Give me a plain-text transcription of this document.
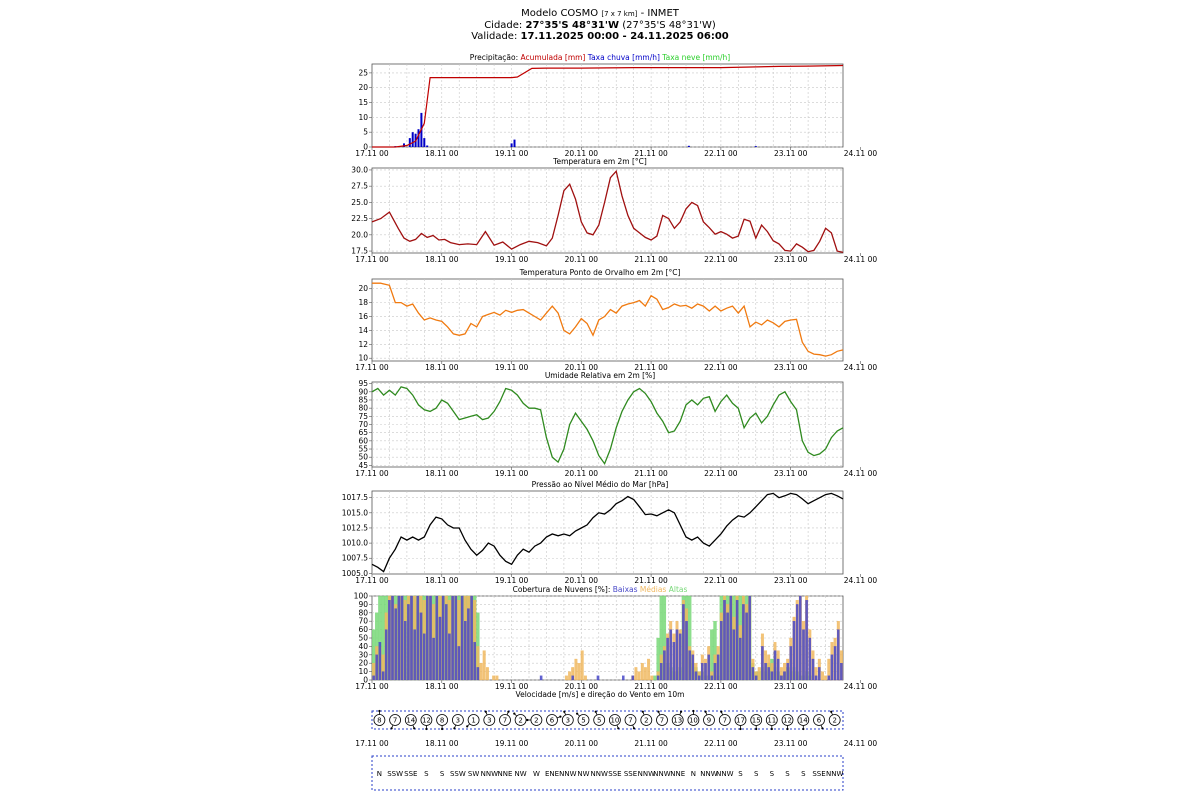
Modelo COSMO [7 x 7 km] - INMET
Cidade: 27°35'S 48°31'W (27°35'S 48°31'W)
Validade: 17.11.2025 00:00 - 24.11.2025 06:00
0
5
10
15
20
25
17.11 00	18.11 00	19.11 00	20.11 00	21.11 00	22.11 00	23.11 00	24.11 00
Precipitação: Acumulada [mm] Taxa chuva [mm/h] Taxa neve [mm/h]
17.5
20.0
22.5
25.0
27.5
30.0
17.11 00	18.11 00	19.11 00	20.11 00	21.11 00	22.11 00	23.11 00	24.11 00
Temperatura em 2m [°C]
10
12
14
16
18
20
17.11 00	18.11 00	19.11 00	20.11 00	21.11 00	22.11 00	23.11 00	24.11 00
Temperatura Ponto de Orvalho em 2m [°C]
45
50
55
60
65
70
75
80
85
90
95
17.11 00	18.11 00	19.11 00	20.11 00	21.11 00	22.11 00	23.11 00	24.11 00
Umidade Relativa em 2m [%]
1005.0
1007.5
1010.0
1012.5
1015.0
1017.5
17.11 00	18.11 00	19.11 00	20.11 00	21.11 00	22.11 00	23.11 00	24.11 00
Pressão ao Nível Médio do Mar [hPa]
0
10
20
30
40
50
60
70
80
90
100
17.11 00	18.11 00	19.11 00	20.11 00	21.11 00	22.11 00	23.11 00	24.11 00
Cobertura de Nuvens [%]: Baixas Médias Altas
Velocidade [m/s] e direção do Vento em 10m
8
N
7
SSW
14
SSE
12
S
8
S
3
SSW
1
SW
3
NNW
7
NNE
2
NW
2
W
6
ENE
3
NNW
5
NW
5
NNW
10
SSE
7
SSE
2
NNW
7
NNW
13
NNE
10
N
9
NNW
7
NNW
17
S
15
S
11
S
12
S
14
S
6
SSE
2
NNW
17.11 00	18.11 00	19.11 00	20.11 00	21.11 00	22.11 00	23.11 00	24.11 00
